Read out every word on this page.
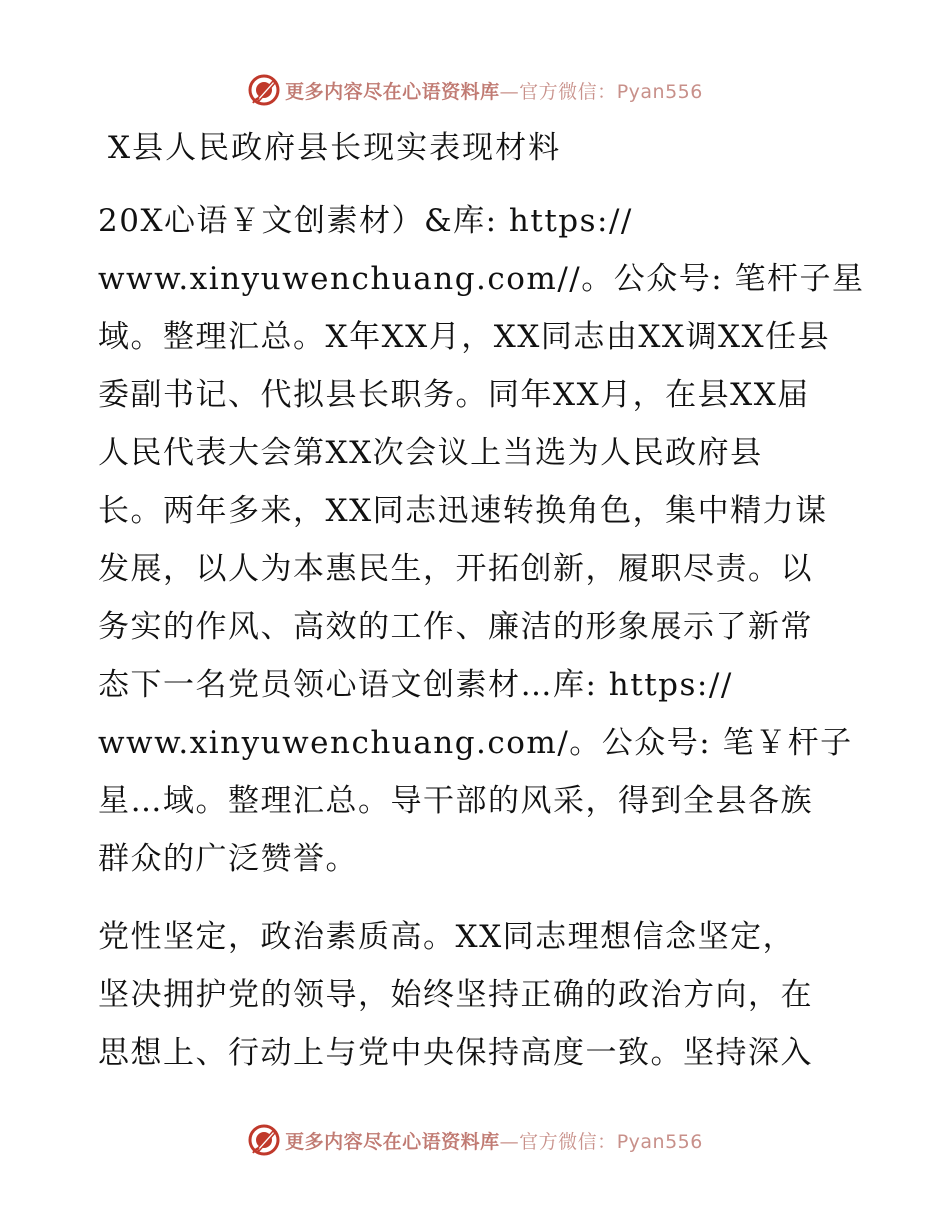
更多内容尽在心语资料库—官方微信：Pyan556
X县人民政府县长现实表现材料
20X心语￥文创素材）&库: https://
www.xinyuwenchuang.com//。公众号: 笔杆子星
域。整理汇总。X年XX月，XX同志由XX调XX任县
委副书记、代拟县长职务。同年XX月，在县XX届
人民代表大会第XX次会议上当选为人民政府县
长。两年多来，XX同志迅速转换角色，集中精力谋
发展，以人为本惠民生，开拓创新，履职尽责。以
务实的作风、高效的工作、廉洁的形象展示了新常
态下一名党员领心语文创素材…库: https://
www.xinyuwenchuang.com/。公众号: 笔￥杆子
星…域。整理汇总。导干部的风采，得到全县各族
群众的广泛赞誉。
党性坚定，政治素质高。XX同志理想信念坚定，
坚决拥护党的领导，始终坚持正确的政治方向，在
思想上、行动上与党中央保持高度一致。坚持深入
更多内容尽在心语资料库—官方微信：Pyan556
